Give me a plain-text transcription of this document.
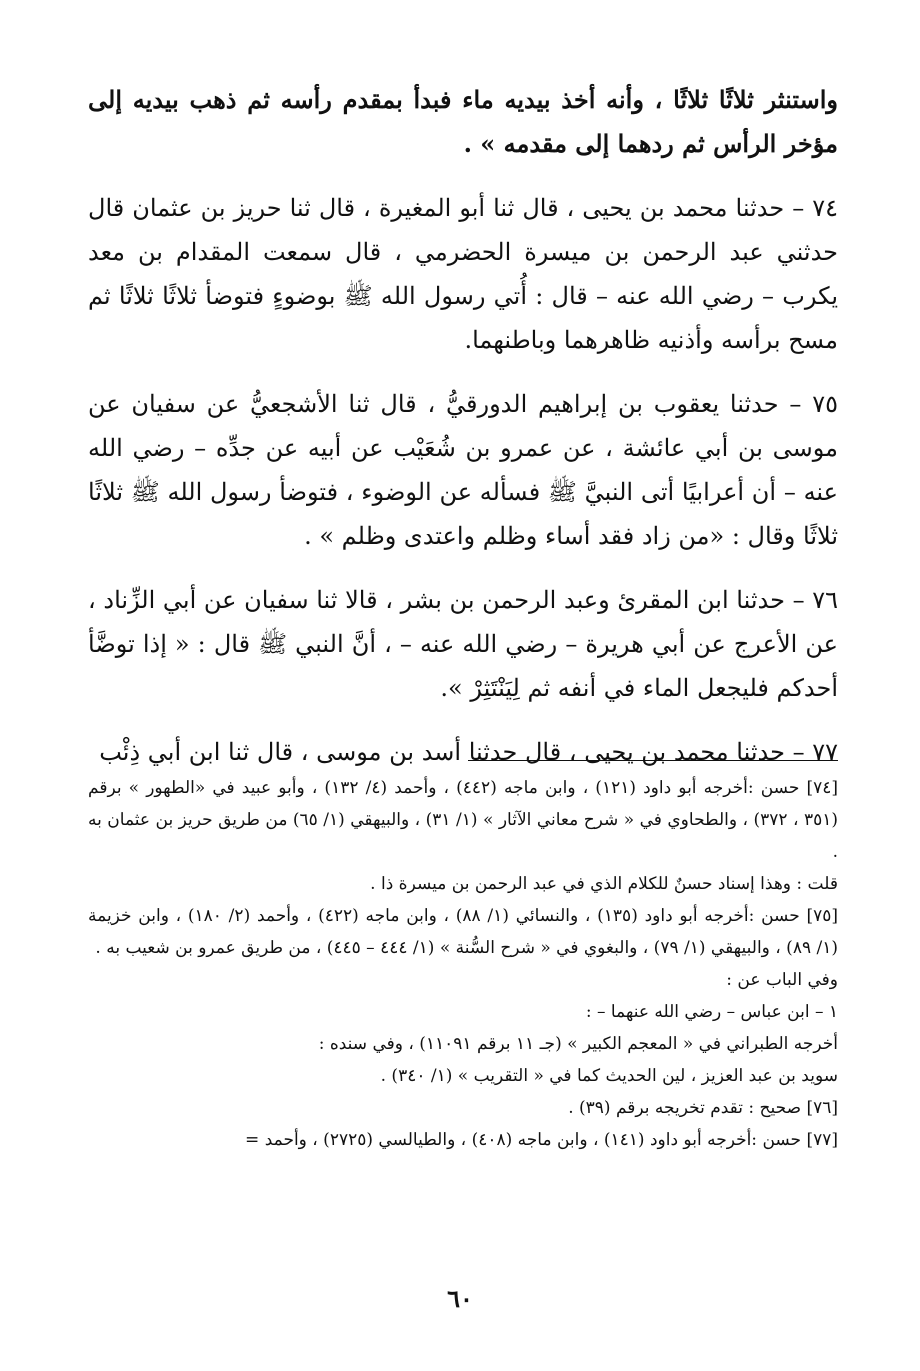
واستنثر ثلاثًا ثلاثًا ، وأنه أخذ بيديه ماء فبدأ بمقدم رأسه ثم ذهب بيديه إلى مؤخر الرأس ثم ردهما إلى مقدمه » .

٧٤ – حدثنا محمد بن يحيى ، قال ثنا أبو المغيرة ، قال ثنا حريز بن عثمان قال حدثني عبد الرحمن بن ميسرة الحضرمي ، قال سمعت المقدام بن معد يكرب – رضي الله عنه – قال : أُتي رسول الله ﷺ بوضوءٍ فتوضأ ثلاثًا ثلاثًا ثم مسح برأسه وأذنيه ظاهرهما وباطنهما.

٧٥ – حدثنا يعقوب بن إبراهيم الدورقيُّ ، قال ثنا الأشجعيُّ عن سفيان عن موسى بن أبي عائشة ، عن عمرو بن شُعَيْب عن أبيه عن جدِّه – رضي الله عنه – أن أعرابيًا أتى النبيَّ ﷺ فسأله عن الوضوء ، فتوضأ رسول الله ﷺ ثلاثًا ثلاثًا وقال : «من زاد فقد أساء وظلم واعتدى وظلم » .

٧٦ – حدثنا ابن المقرئ وعبد الرحمن بن بشر ، قالا ثنا سفيان عن أبي الزِّناد ، عن الأعرج عن أبي هريرة – رضي الله عنه – ، أنَّ النبي ﷺ قال : « إذا توضَّأ أحدكم فليجعل الماء في أنفه ثم لِيَنْتَثِرْ ».

٧٧ – حدثنا محمد بن يحيى ، قال حدثنا أسد بن موسى ، قال ثنا ابن أبي ذِئْب

[٧٤] حسن :أخرجه أبو داود (١٢١) ، وابن ماجه (٤٤٢) ، وأحمد (٤/ ١٣٢) ، وأبو عبيد في «الطهور » برقم (٣٥١ ، ٣٧٢) ، والطحاوي في « شرح معاني الآثار » (١/ ٣١) ، والبيهقي (١/ ٦٥) من طريق حريز بن عثمان به .

قلت : وهذا إسناد حسنٌ للكلام الذي في عبد الرحمن بن ميسرة ذا .

[٧٥] حسن :أخرجه أبو داود (١٣٥) ، والنسائي (١/ ٨٨) ، وابن ماجه (٤٢٢) ، وأحمد (٢/ ١٨٠) ، وابن خزيمة (١/ ٨٩) ، والبيهقي (١/ ٧٩) ، والبغوي في « شرح السُّنة » (١/ ٤٤٤ – ٤٤٥) ، من طريق عمرو بن شعيب به .

وفي الباب عن :

١ – ابن عباس – رضي الله عنهما – :

أخرجه الطبراني في « المعجم الكبير » (جـ ١١ برقم ١١٠٩١) ، وفي سنده :

سويد بن عبد العزيز ، لين الحديث كما في « التقريب » (١/ ٣٤٠) .

[٧٦] صحيح : تقدم تخريجه برقم (٣٩) .

[٧٧] حسن :أخرجه أبو داود (١٤١) ، وابن ماجه (٤٠٨) ، والطيالسي (٢٧٢٥) ، وأحمد =

٦٠
